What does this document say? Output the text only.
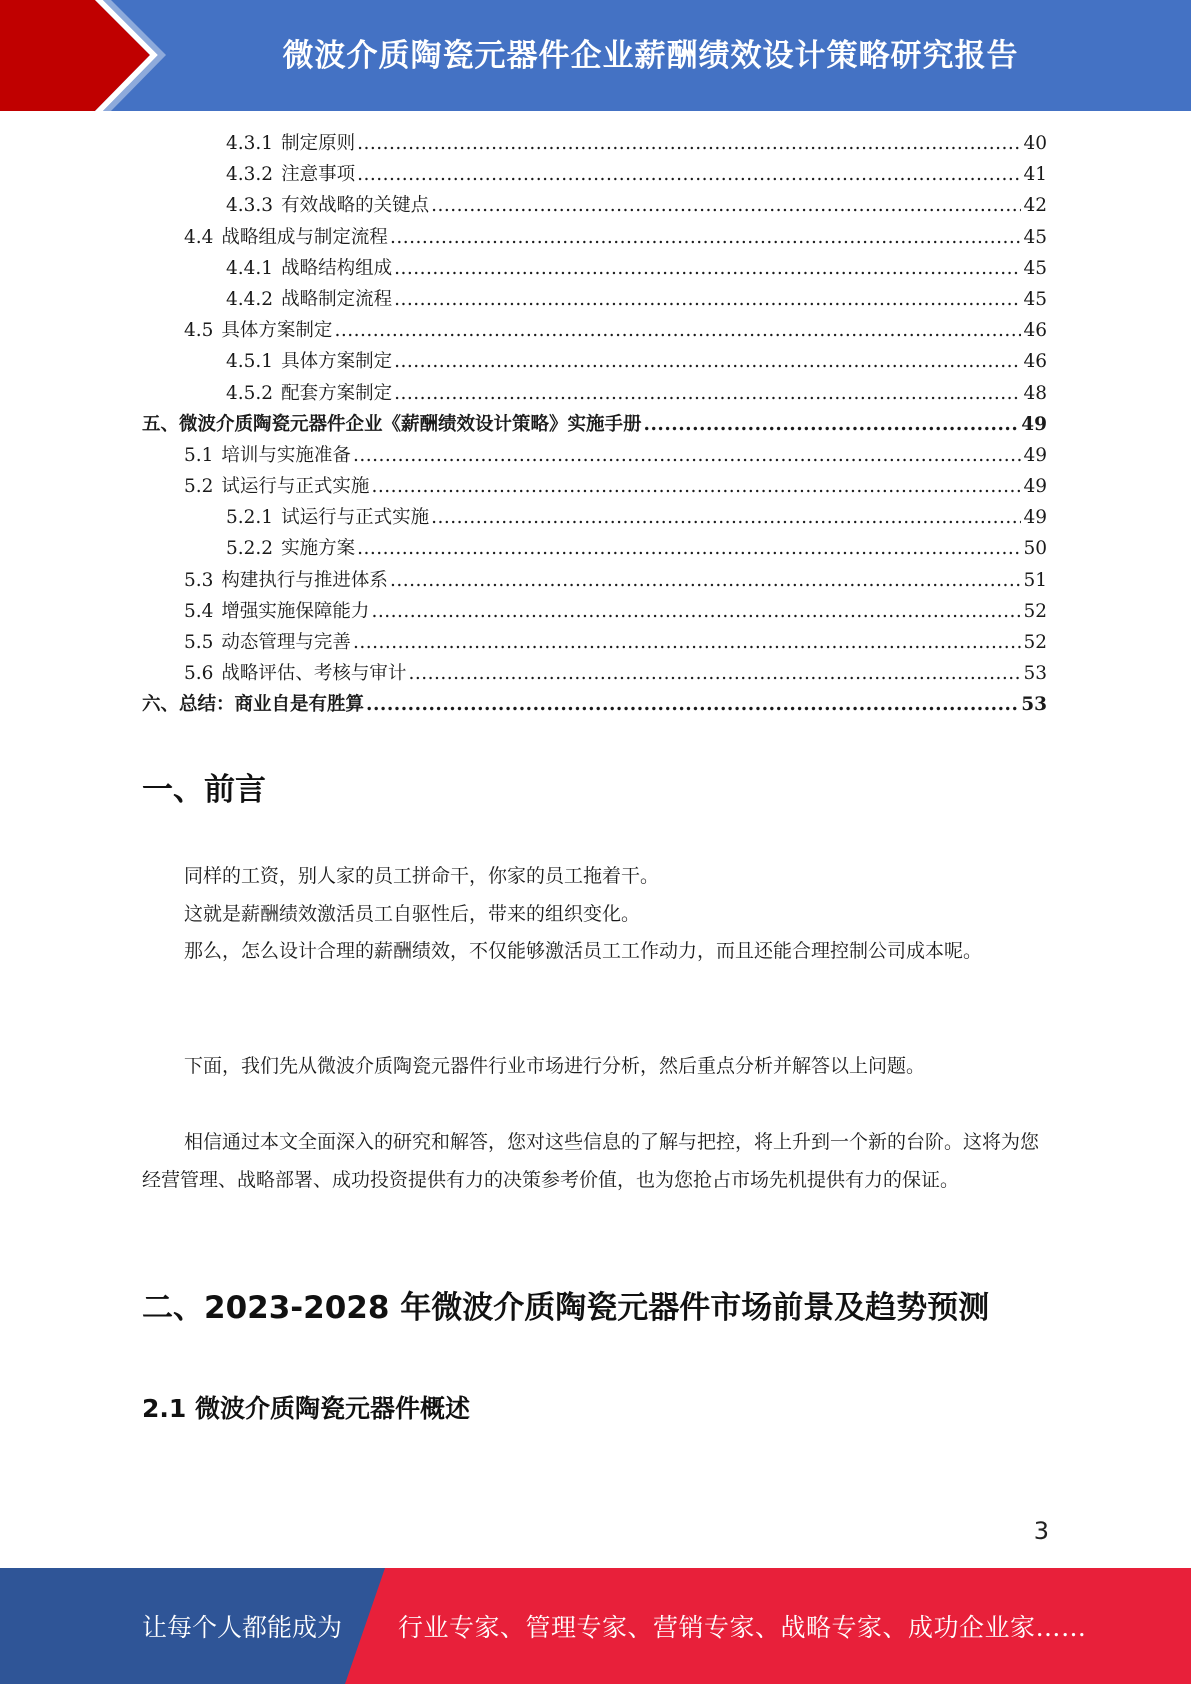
微波介质陶瓷元器件企业薪酬绩效设计策略研究报告
4.3.1 制定原则 .....	40
4.3.2 注意事项 .....	41
4.3.3 有效战略的关键点 .....	42
4.4 战略组成与制定流程 .....	45
4.4.1 战略结构组成 .....	45
4.4.2 战略制定流程 .....	45
4.5 具体方案制定 .....	46
4.5.1 具体方案制定 .....	46
4.5.2 配套方案制定 .....	48
五、微波介质陶瓷元器件企业《薪酬绩效设计策略》实施手册 .....	49
5.1 培训与实施准备 .....	49
5.2 试运行与正式实施 .....	49
5.2.1 试运行与正式实施 .....	49
5.2.2 实施方案 .....	50
5.3 构建执行与推进体系 .....	51
5.4 增强实施保障能力 .....	52
5.5 动态管理与完善 .....	52
5.6 战略评估、考核与审计 .....	53
六、总结：商业自是有胜算 .....	53
一、前言
同样的工资，别人家的员工拼命干，你家的员工拖着干。
这就是薪酬绩效激活员工自驱性后，带来的组织变化。
那么，怎么设计合理的薪酬绩效，不仅能够激活员工工作动力，而且还能合理控制公司成本呢。
下面，我们先从微波介质陶瓷元器件行业市场进行分析，然后重点分析并解答以上问题。
相信通过本文全面深入的研究和解答，您对这些信息的了解与把控，将上升到一个新的台阶。这将为您经营管理、战略部署、成功投资提供有力的决策参考价值，也为您抢占市场先机提供有力的保证。
二、2023-2028 年微波介质陶瓷元器件市场前景及趋势预测
2.1 微波介质陶瓷元器件概述
3
让每个人都能成为 行业专家、管理专家、营销专家、战略专家、成功企业家……
